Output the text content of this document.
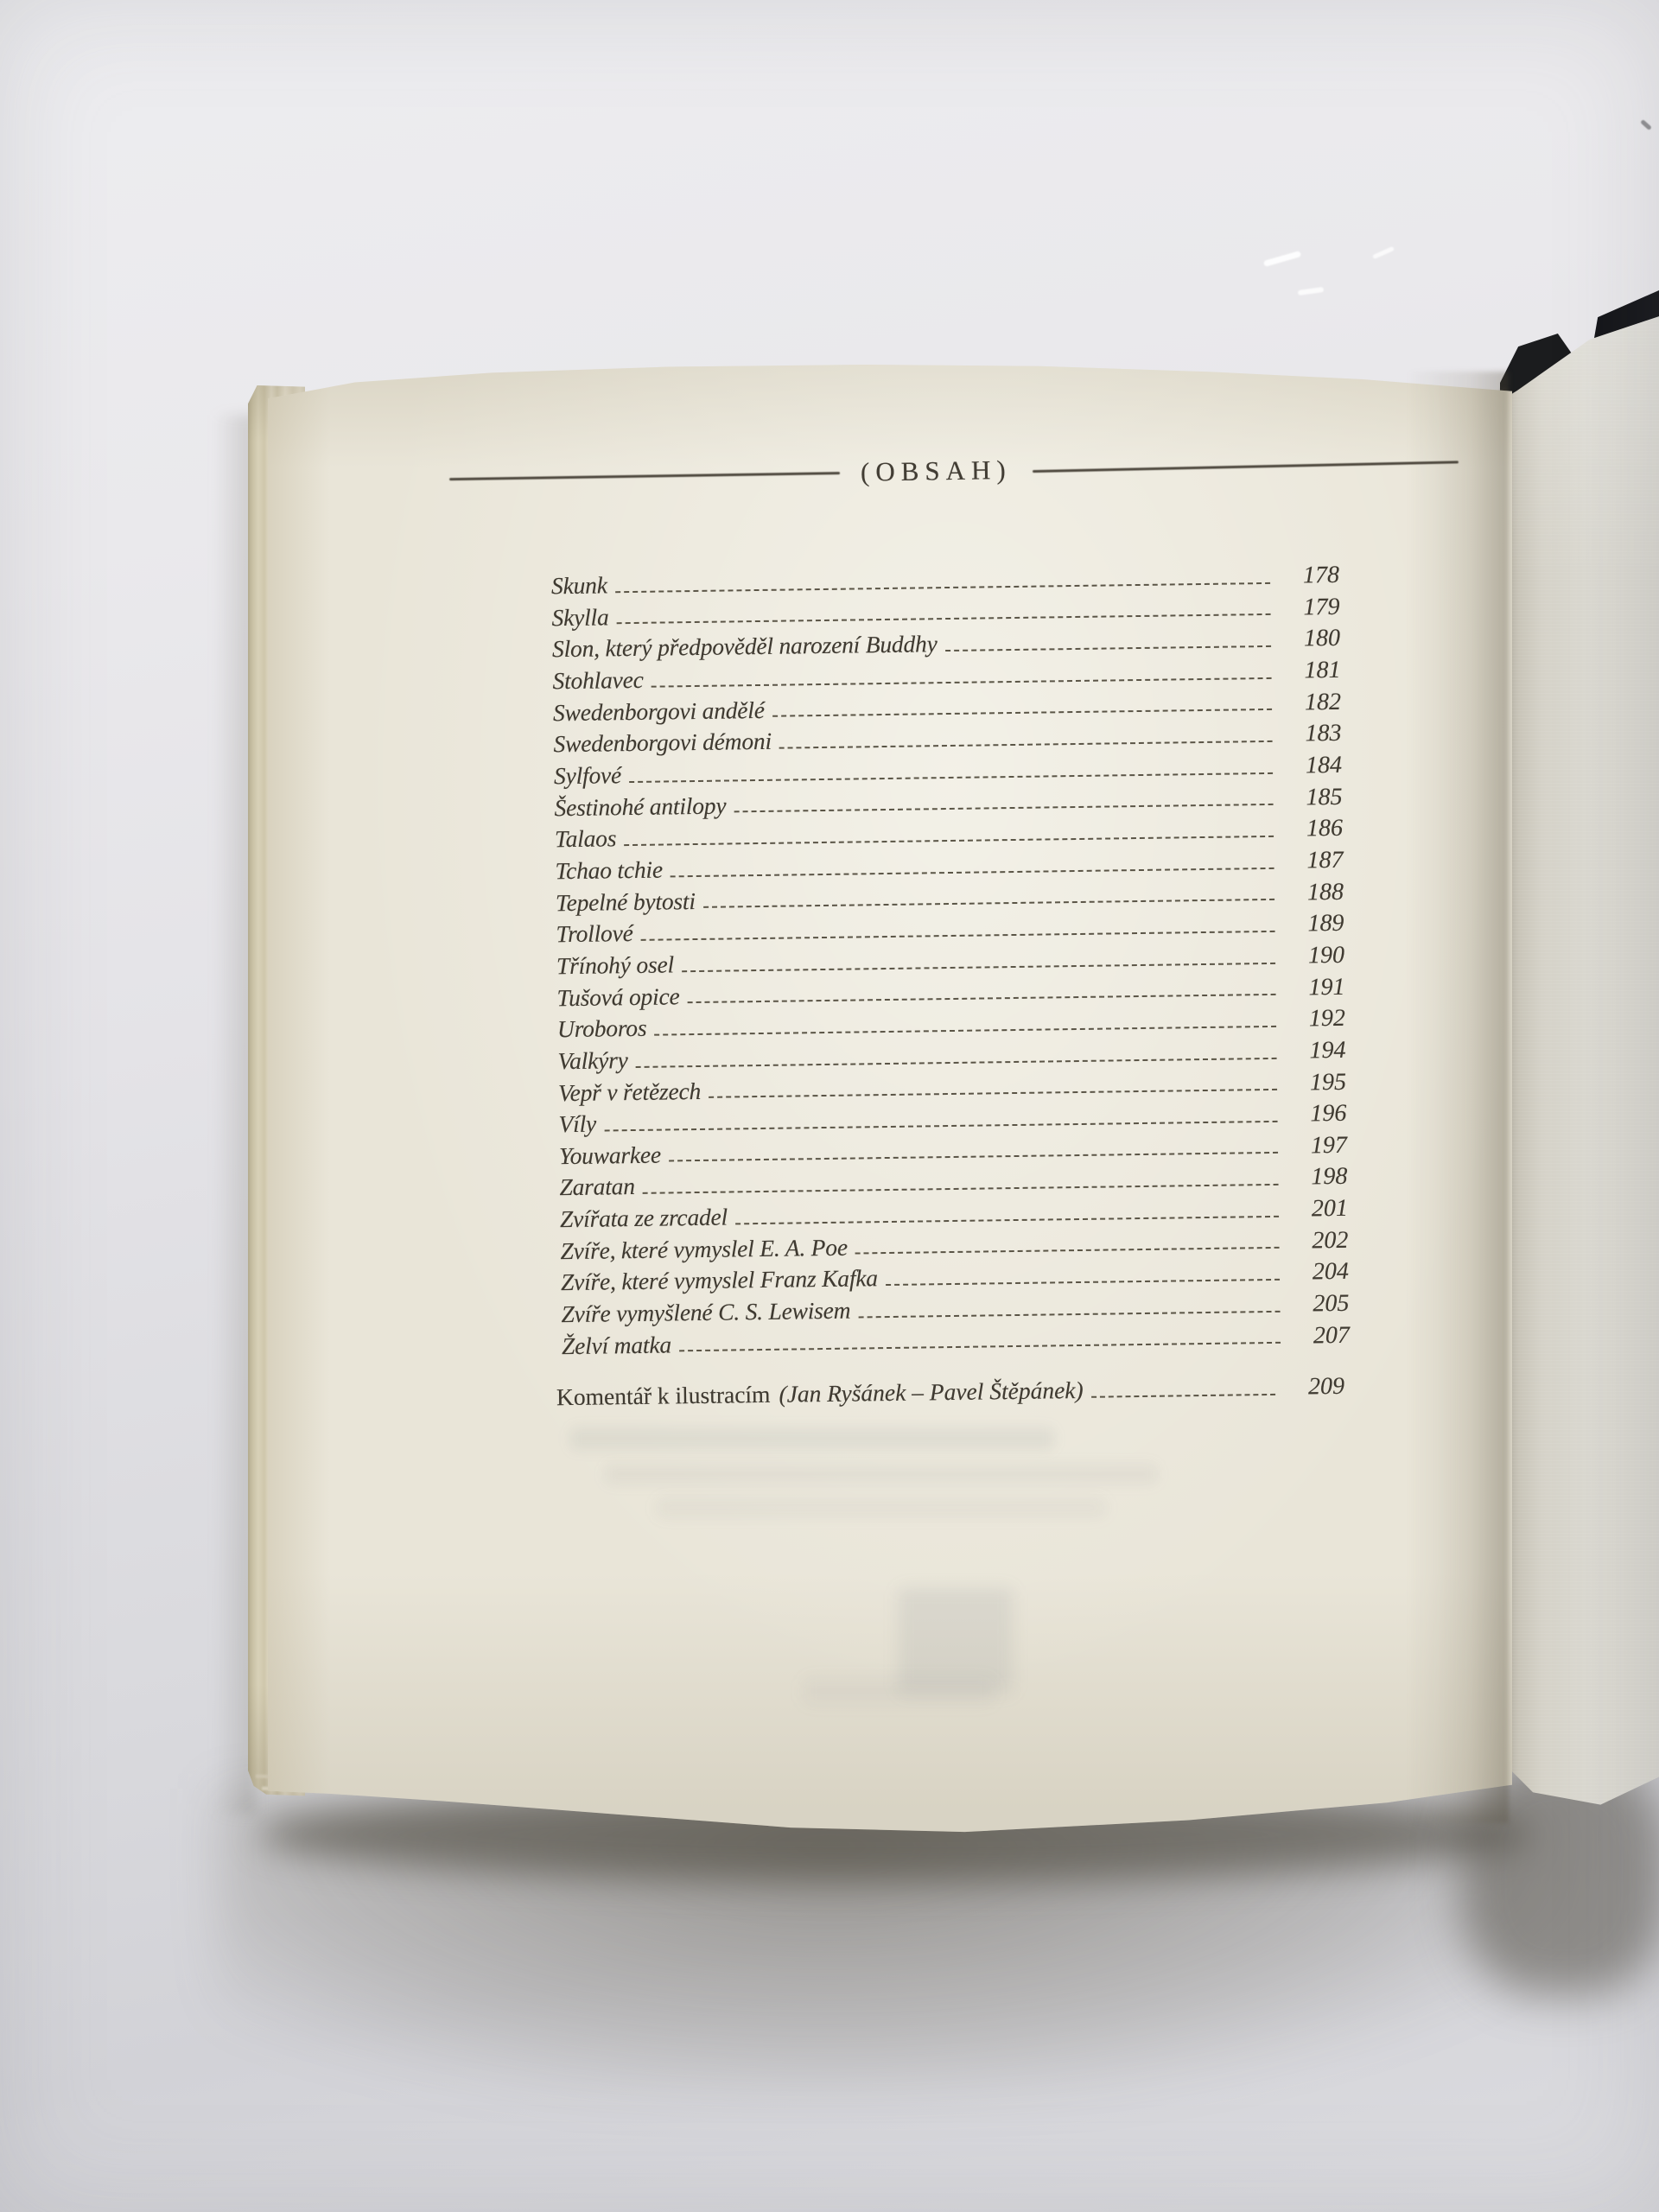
(OBSAH)
Skunk	178
Skylla	179
Slon, který předpověděl narození Buddhy	180
Stohlavec	181
Swedenborgovi andělé	182
Swedenborgovi démoni	183
Sylfové	184
Šestinohé antilopy	185
Talaos	186
Tchao tchie	187
Tepelné bytosti	188
Trollové	189
Třínohý osel	190
Tušová opice	191
Uroboros	192
Valkýry	194
Vepř v řetězech	195
Víly	196
Youwarkee	197
Zaratan	198
Zvířata ze zrcadel	201
Zvíře, které vymyslel E. A. Poe	202
Zvíře, které vymyslel Franz Kafka	204
Zvíře vymyšlené C. S. Lewisem	205
Želví matka	207
Komentář k ilustracím (Jan Ryšánek – Pavel Štěpánek)	209
